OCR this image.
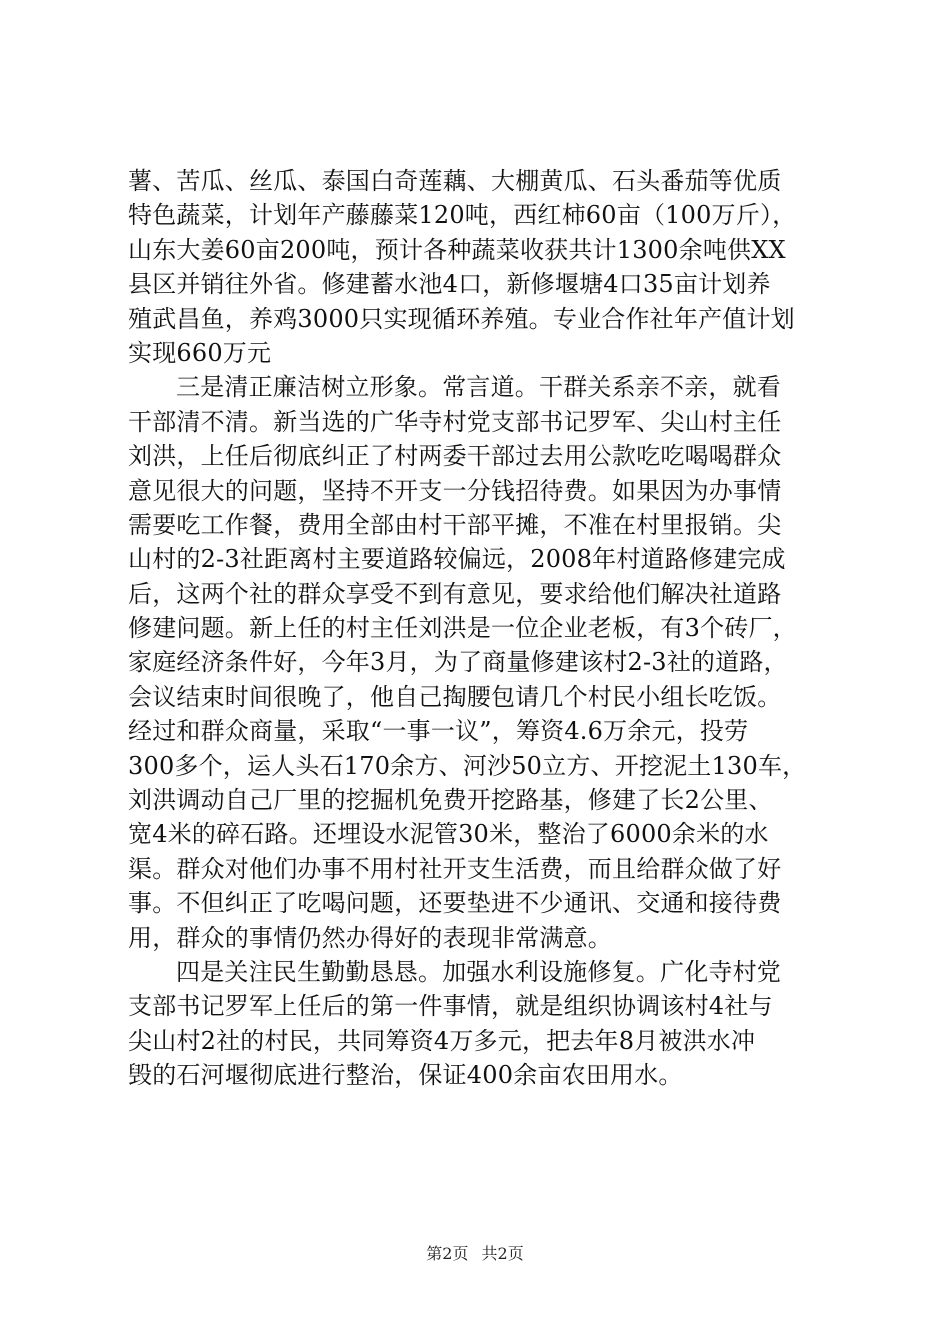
薯、苦瓜、丝瓜、泰国白奇莲藕、大棚黄瓜、石头番茄等优质
特色蔬菜，计划年产藤藤菜120吨，西红柿60亩（100万斤），
山东大姜60亩200吨，预计各种蔬菜收获共计1300余吨供XX
县区并销往外省。修建蓄水池4口，新修堰塘4口35亩计划养
殖武昌鱼，养鸡3000只实现循环养殖。专业合作社年产值计划
实现660万元
三是清正廉洁树立形象。常言道。干群关系亲不亲，就看
干部清不清。新当选的广华寺村党支部书记罗军、尖山村主任
刘洪，上任后彻底纠正了村两委干部过去用公款吃吃喝喝群众
意见很大的问题，坚持不开支一分钱招待费。如果因为办事情
需要吃工作餐，费用全部由村干部平摊，不准在村里报销。尖
山村的2-3社距离村主要道路较偏远，2008年村道路修建完成
后，这两个社的群众享受不到有意见，要求给他们解决社道路
修建问题。新上任的村主任刘洪是一位企业老板，有3个砖厂，
家庭经济条件好，今年3月，为了商量修建该村2-3社的道路，
会议结束时间很晚了，他自己掏腰包请几个村民小组长吃饭。
经过和群众商量，采取“一事一议”，筹资4.6万余元，投劳
300多个，运人头石170余方、河沙50立方、开挖泥土130车，
刘洪调动自己厂里的挖掘机免费开挖路基，修建了长2公里、
宽4米的碎石路。还埋设水泥管30米，整治了6000余米的水
渠。群众对他们办事不用村社开支生活费，而且给群众做了好
事。不但纠正了吃喝问题，还要垫进不少通讯、交通和接待费
用，群众的事情仍然办得好的表现非常满意。
四是关注民生勤勤恳恳。加强水利设施修复。广化寺村党
支部书记罗军上任后的第一件事情，就是组织协调该村4社与
尖山村2社的村民，共同筹资4万多元，把去年8月被洪水冲
毁的石河堰彻底进行整治，保证400余亩农田用水。
第2页 共2页
